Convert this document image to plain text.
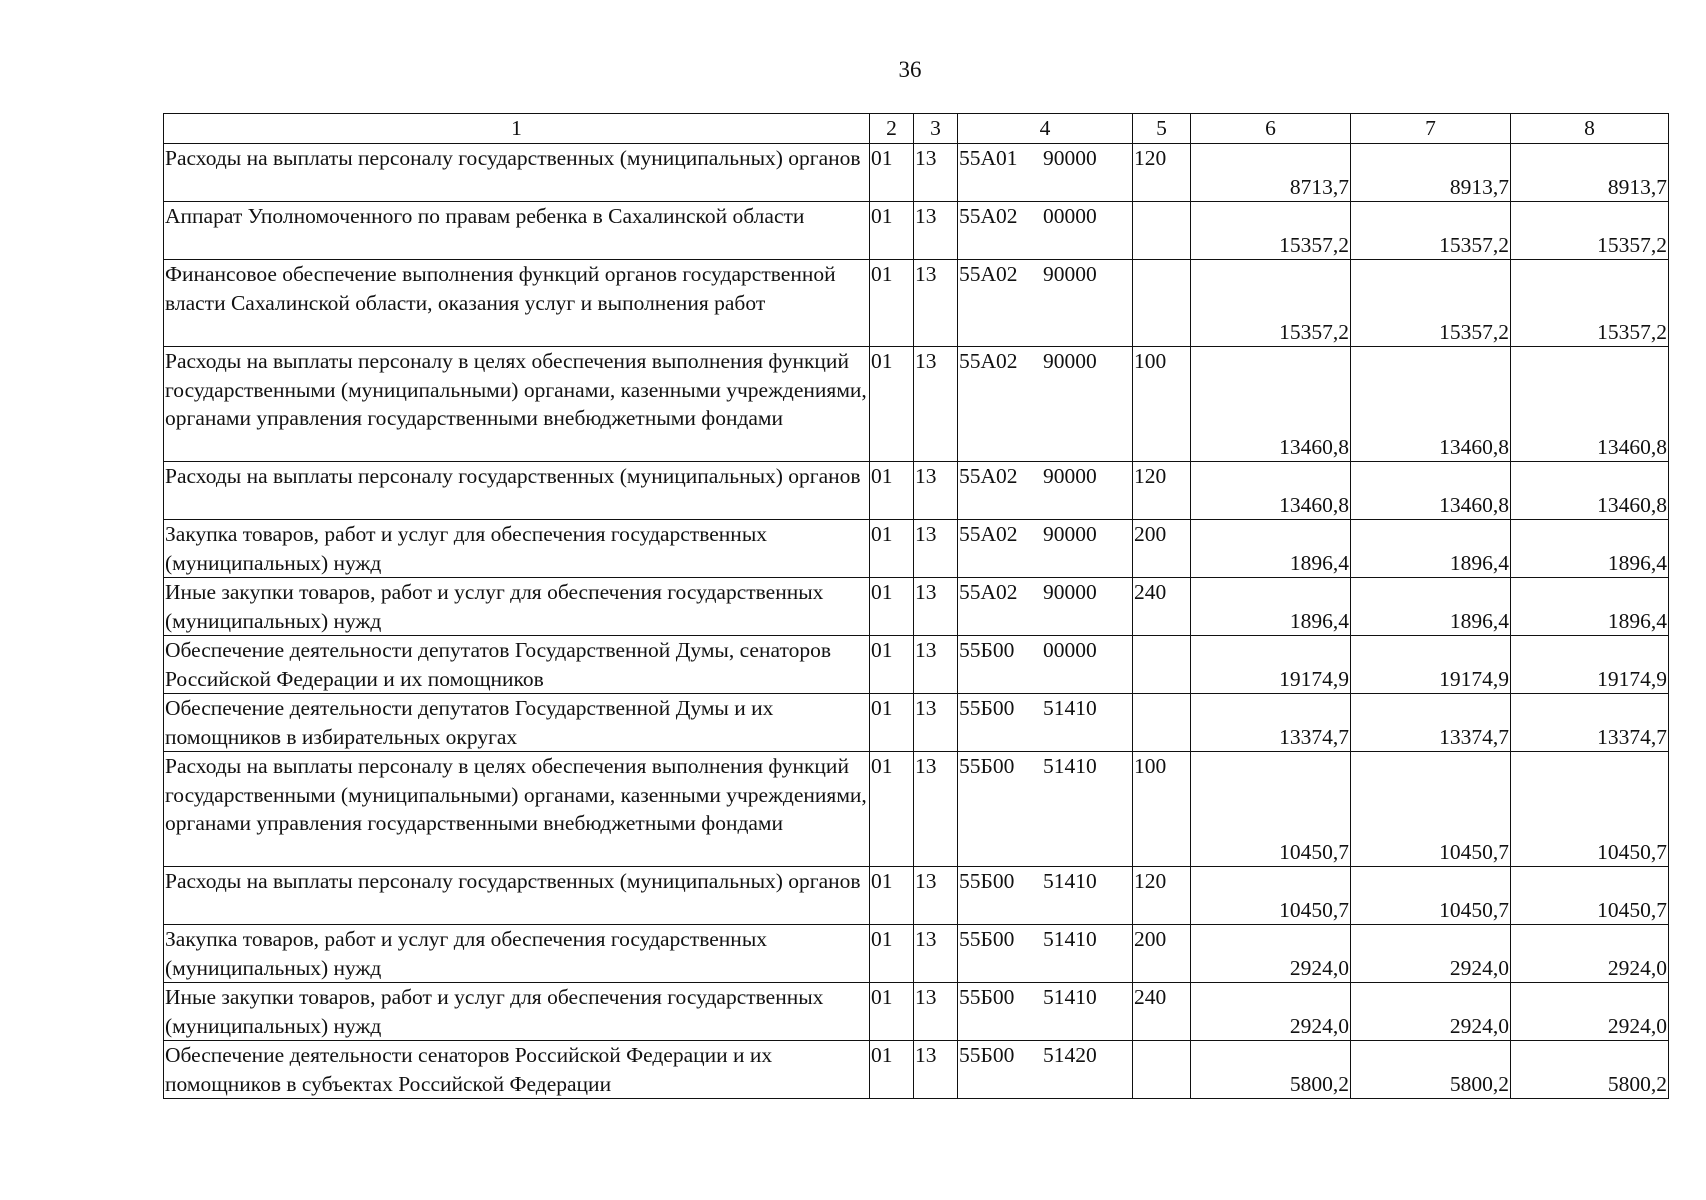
36
1	2	3	4	5	6	7	8
Расходы на выплаты персоналу государственных (муниципальных) органов	01	13	55А01 90000	120	8713,7	8913,7	8913,7
Аппарат Уполномоченного по правам ребенка в Сахалинской области	01	13	55А02 00000		15357,2	15357,2	15357,2
Финансовое обеспечение выполнения функций органов государственной власти Сахалинской области, оказания услуг и выполнения работ	01	13	55А02 90000		15357,2	15357,2	15357,2
Расходы на выплаты персоналу в целях обеспечения выполнения функций государственными (муниципальными) органами, казенными учреждениями, органами управления государственными внебюджетными фондами	01	13	55А02 90000	100	13460,8	13460,8	13460,8
Расходы на выплаты персоналу государственных (муниципальных) органов	01	13	55А02 90000	120	13460,8	13460,8	13460,8
Закупка товаров, работ и услуг для обеспечения государственных (муниципальных) нужд	01	13	55А02 90000	200	1896,4	1896,4	1896,4
Иные закупки товаров, работ и услуг для обеспечения государственных (муниципальных) нужд	01	13	55А02 90000	240	1896,4	1896,4	1896,4
Обеспечение деятельности депутатов Государственной Думы, сенаторов Российской Федерации и их помощников	01	13	55Б00 00000		19174,9	19174,9	19174,9
Обеспечение деятельности депутатов Государственной Думы и их помощников в избирательных округах	01	13	55Б00 51410		13374,7	13374,7	13374,7
Расходы на выплаты персоналу в целях обеспечения выполнения функций государственными (муниципальными) органами, казенными учреждениями, органами управления государственными внебюджетными фондами	01	13	55Б00 51410	100	10450,7	10450,7	10450,7
Расходы на выплаты персоналу государственных (муниципальных) органов	01	13	55Б00 51410	120	10450,7	10450,7	10450,7
Закупка товаров, работ и услуг для обеспечения государственных (муниципальных) нужд	01	13	55Б00 51410	200	2924,0	2924,0	2924,0
Иные закупки товаров, работ и услуг для обеспечения государственных (муниципальных) нужд	01	13	55Б00 51410	240	2924,0	2924,0	2924,0
Обеспечение деятельности сенаторов Российской Федерации и их помощников в субъектах Российской Федерации	01	13	55Б00 51420		5800,2	5800,2	5800,2
